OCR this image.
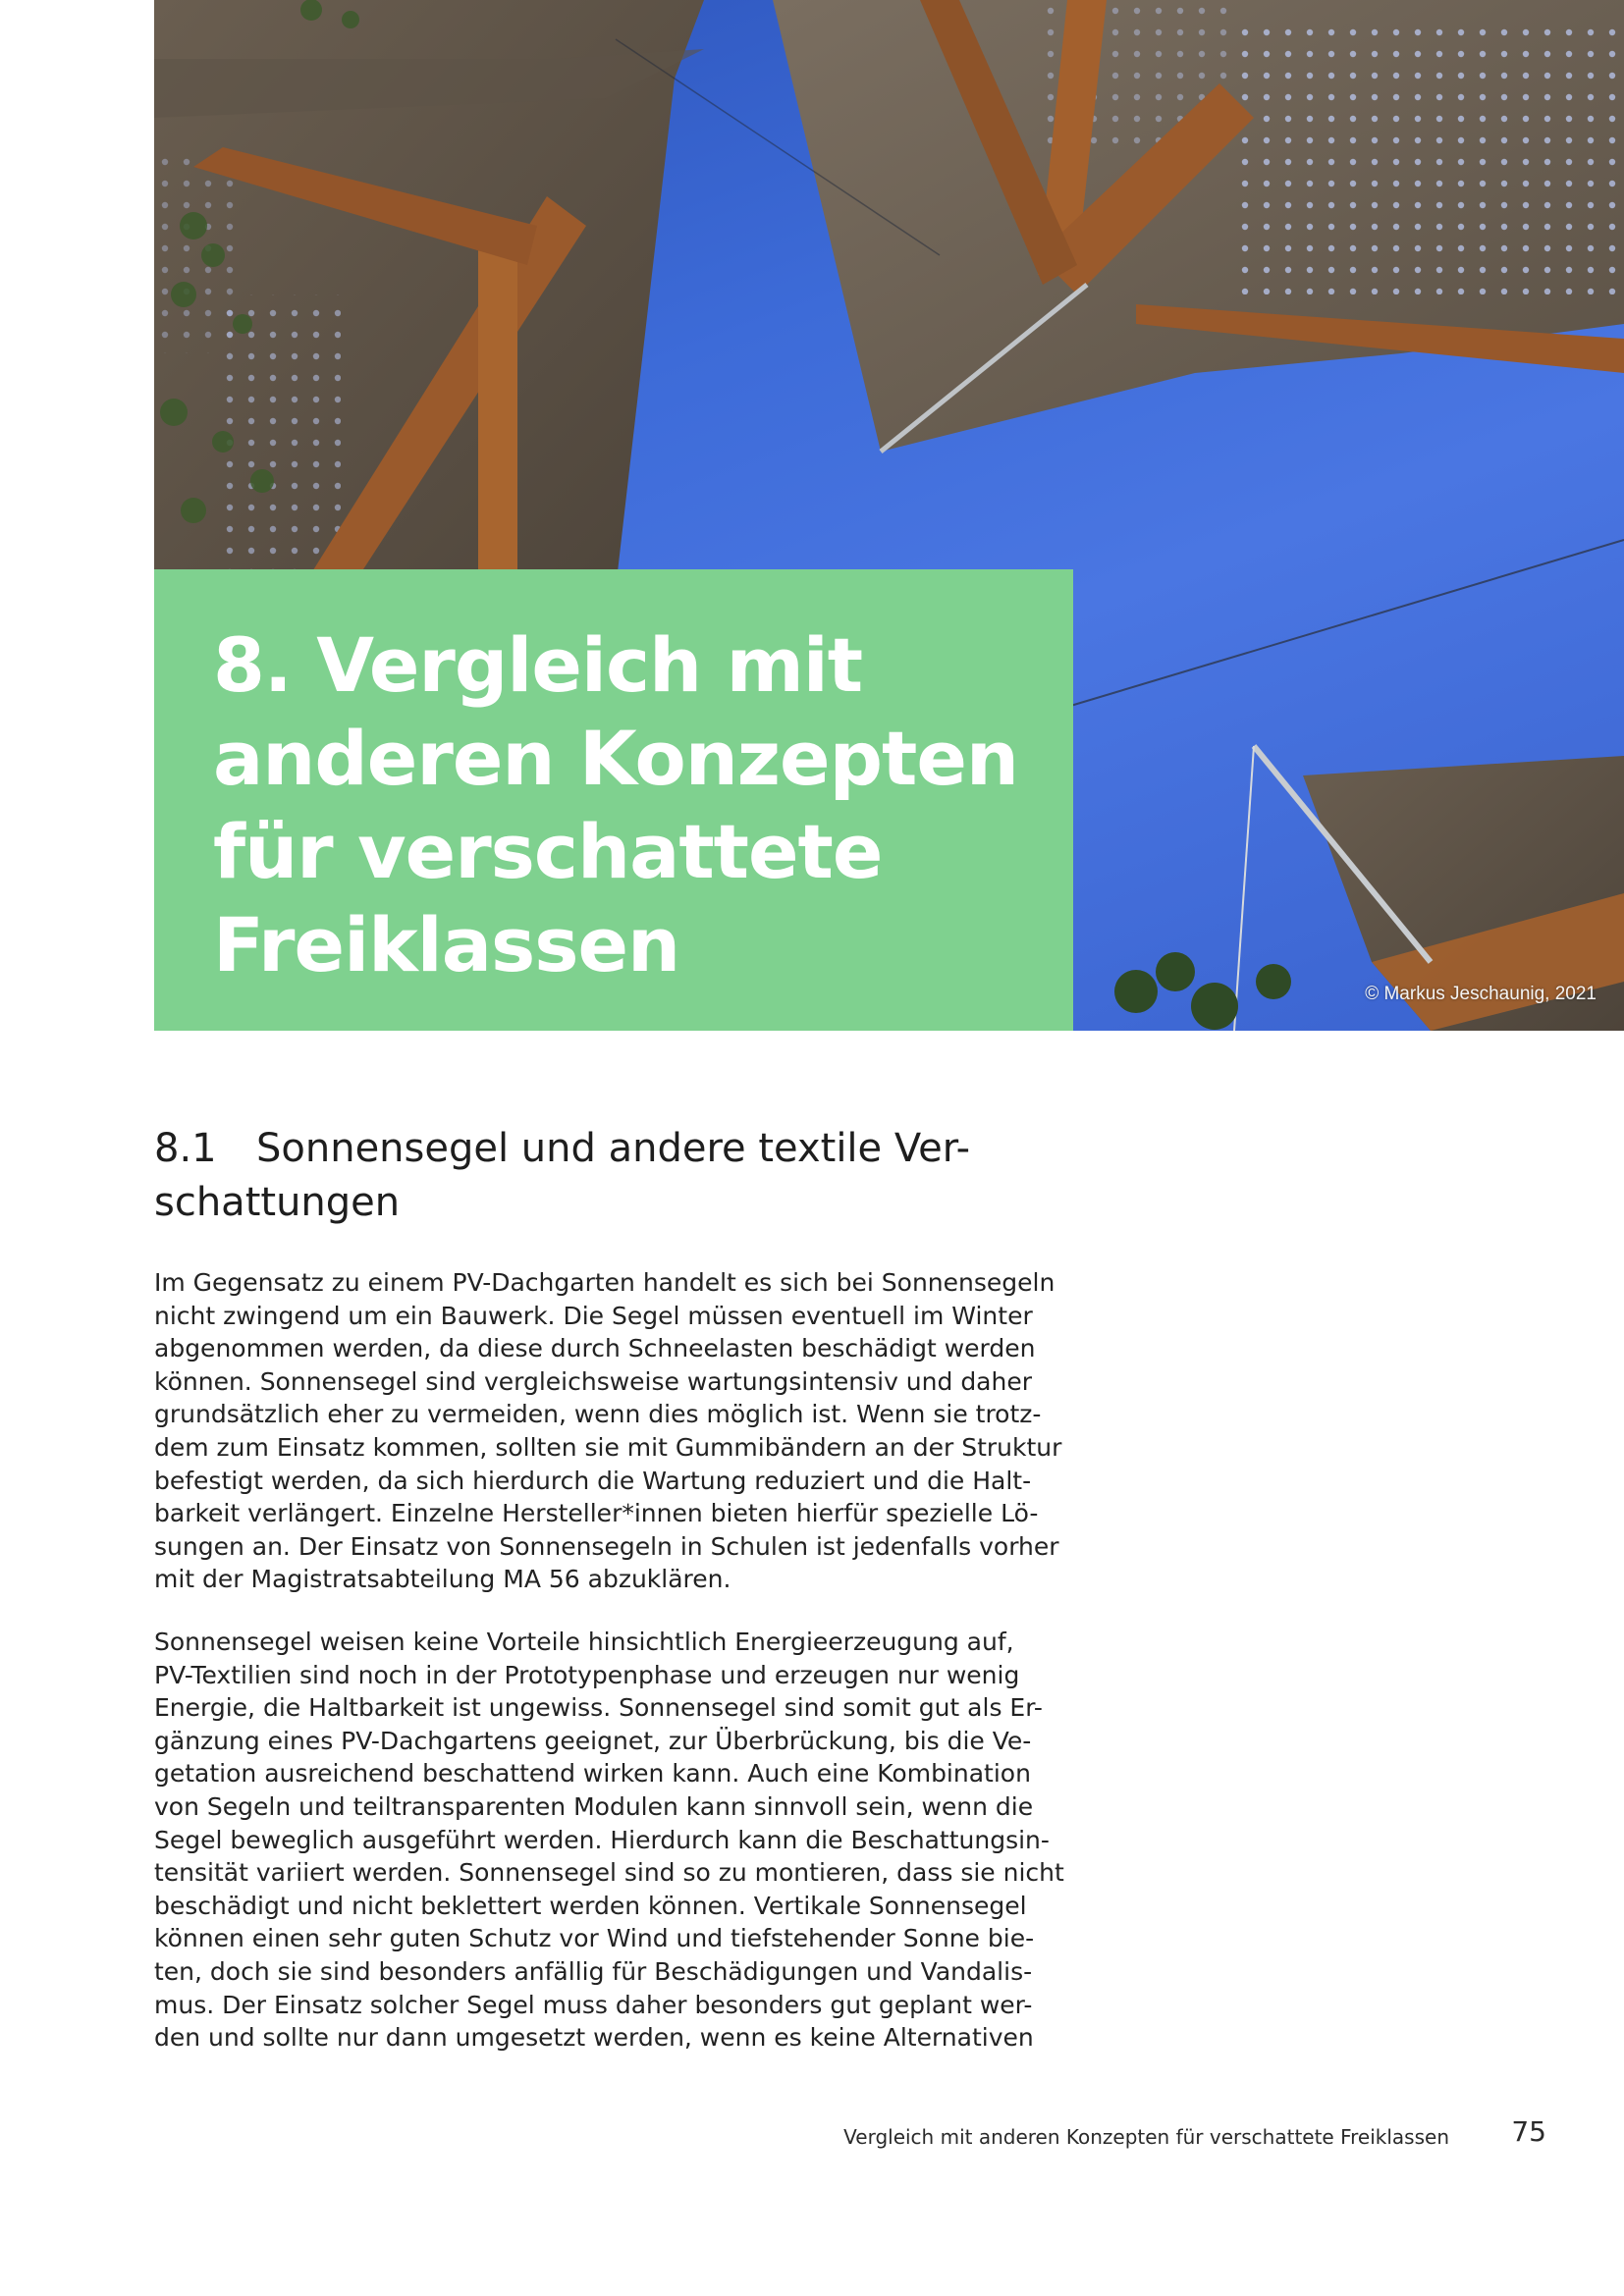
© Markus Jeschaunig, 2021
8. Vergleich mit
anderen Konzepten
für verschattete
Freiklassen
8.1 Sonnensegel und andere textile Ver-
schattungen

Im Gegensatz zu einem PV-Dachgarten handelt es sich bei Sonnensegeln
nicht zwingend um ein Bauwerk. Die Segel müssen eventuell im Winter
abgenommen werden, da diese durch Schneelasten beschädigt werden
können. Sonnensegel sind vergleichsweise wartungsintensiv und daher
grundsätzlich eher zu vermeiden, wenn dies möglich ist. Wenn sie trotz-
dem zum Einsatz kommen, sollten sie mit Gummibändern an der Struktur
befestigt werden, da sich hierdurch die Wartung reduziert und die Halt-
barkeit verlängert. Einzelne Hersteller*innen bieten hierfür spezielle Lö-
sungen an. Der Einsatz von Sonnensegeln in Schulen ist jedenfalls vorher
mit der Magistratsabteilung MA 56 abzuklären.

Sonnensegel weisen keine Vorteile hinsichtlich Energieerzeugung auf,
PV-Textilien sind noch in der Prototypenphase und erzeugen nur wenig
Energie, die Haltbarkeit ist ungewiss. Sonnensegel sind somit gut als Er-
gänzung eines PV-Dachgartens geeignet, zur Überbrückung, bis die Ve-
getation ausreichend beschattend wirken kann. Auch eine Kombination
von Segeln und teiltransparenten Modulen kann sinnvoll sein, wenn die
Segel beweglich ausgeführt werden. Hierdurch kann die Beschattungsin-
tensität variiert werden. Sonnensegel sind so zu montieren, dass sie nicht
beschädigt und nicht beklettert werden können. Vertikale Sonnensegel
können einen sehr guten Schutz vor Wind und tiefstehender Sonne bie-
ten, doch sie sind besonders anfällig für Beschädigungen und Vandalis-
mus. Der Einsatz solcher Segel muss daher besonders gut geplant wer-
den und sollte nur dann umgesetzt werden, wenn es keine Alternativen

Vergleich mit anderen Konzepten für verschattete Freiklassen 75
